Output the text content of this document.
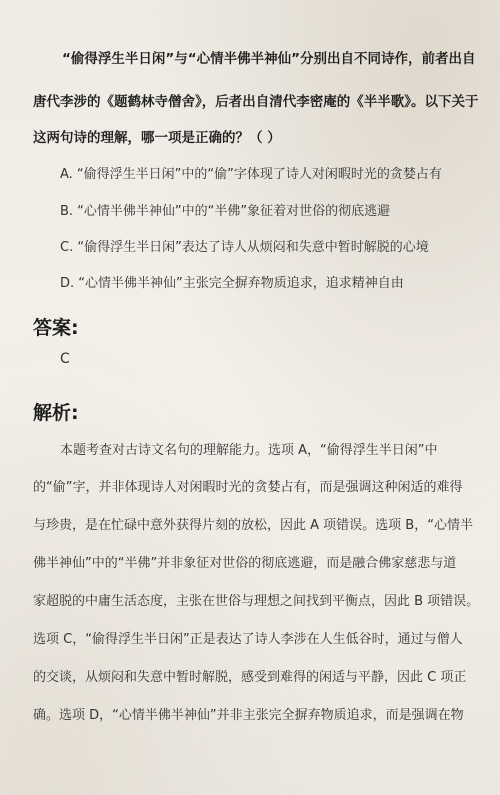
“偷得浮生半日闲”与“心情半佛半神仙”分别出自不同诗作，前者出自
唐代李涉的《题鹤林寺僧舍》，后者出自清代李密庵的《半半歌》。以下关于
这两句诗的理解，哪一项是正确的？（ ）
A. “偷得浮生半日闲”中的“偷”字体现了诗人对闲暇时光的贪婪占有
B. “心情半佛半神仙”中的“半佛”象征着对世俗的彻底逃避
C. “偷得浮生半日闲”表达了诗人从烦闷和失意中暂时解脱的心境
D. “心情半佛半神仙”主张完全摒弃物质追求，追求精神自由
答案:
C
解析:
本题考查对古诗文名句的理解能力。选项 A，“偷得浮生半日闲”中
的“偷”字，并非体现诗人对闲暇时光的贪婪占有，而是强调这种闲适的难得
与珍贵，是在忙碌中意外获得片刻的放松，因此 A 项错误。选项 B，“心情半
佛半神仙”中的“半佛”并非象征对世俗的彻底逃避，而是融合佛家慈悲与道
家超脱的中庸生活态度，主张在世俗与理想之间找到平衡点，因此 B 项错误。
选项 C，“偷得浮生半日闲”正是表达了诗人李涉在人生低谷时，通过与僧人
的交谈，从烦闷和失意中暂时解脱，感受到难得的闲适与平静，因此 C 项正
确。选项 D，“心情半佛半神仙”并非主张完全摒弃物质追求，而是强调在物
